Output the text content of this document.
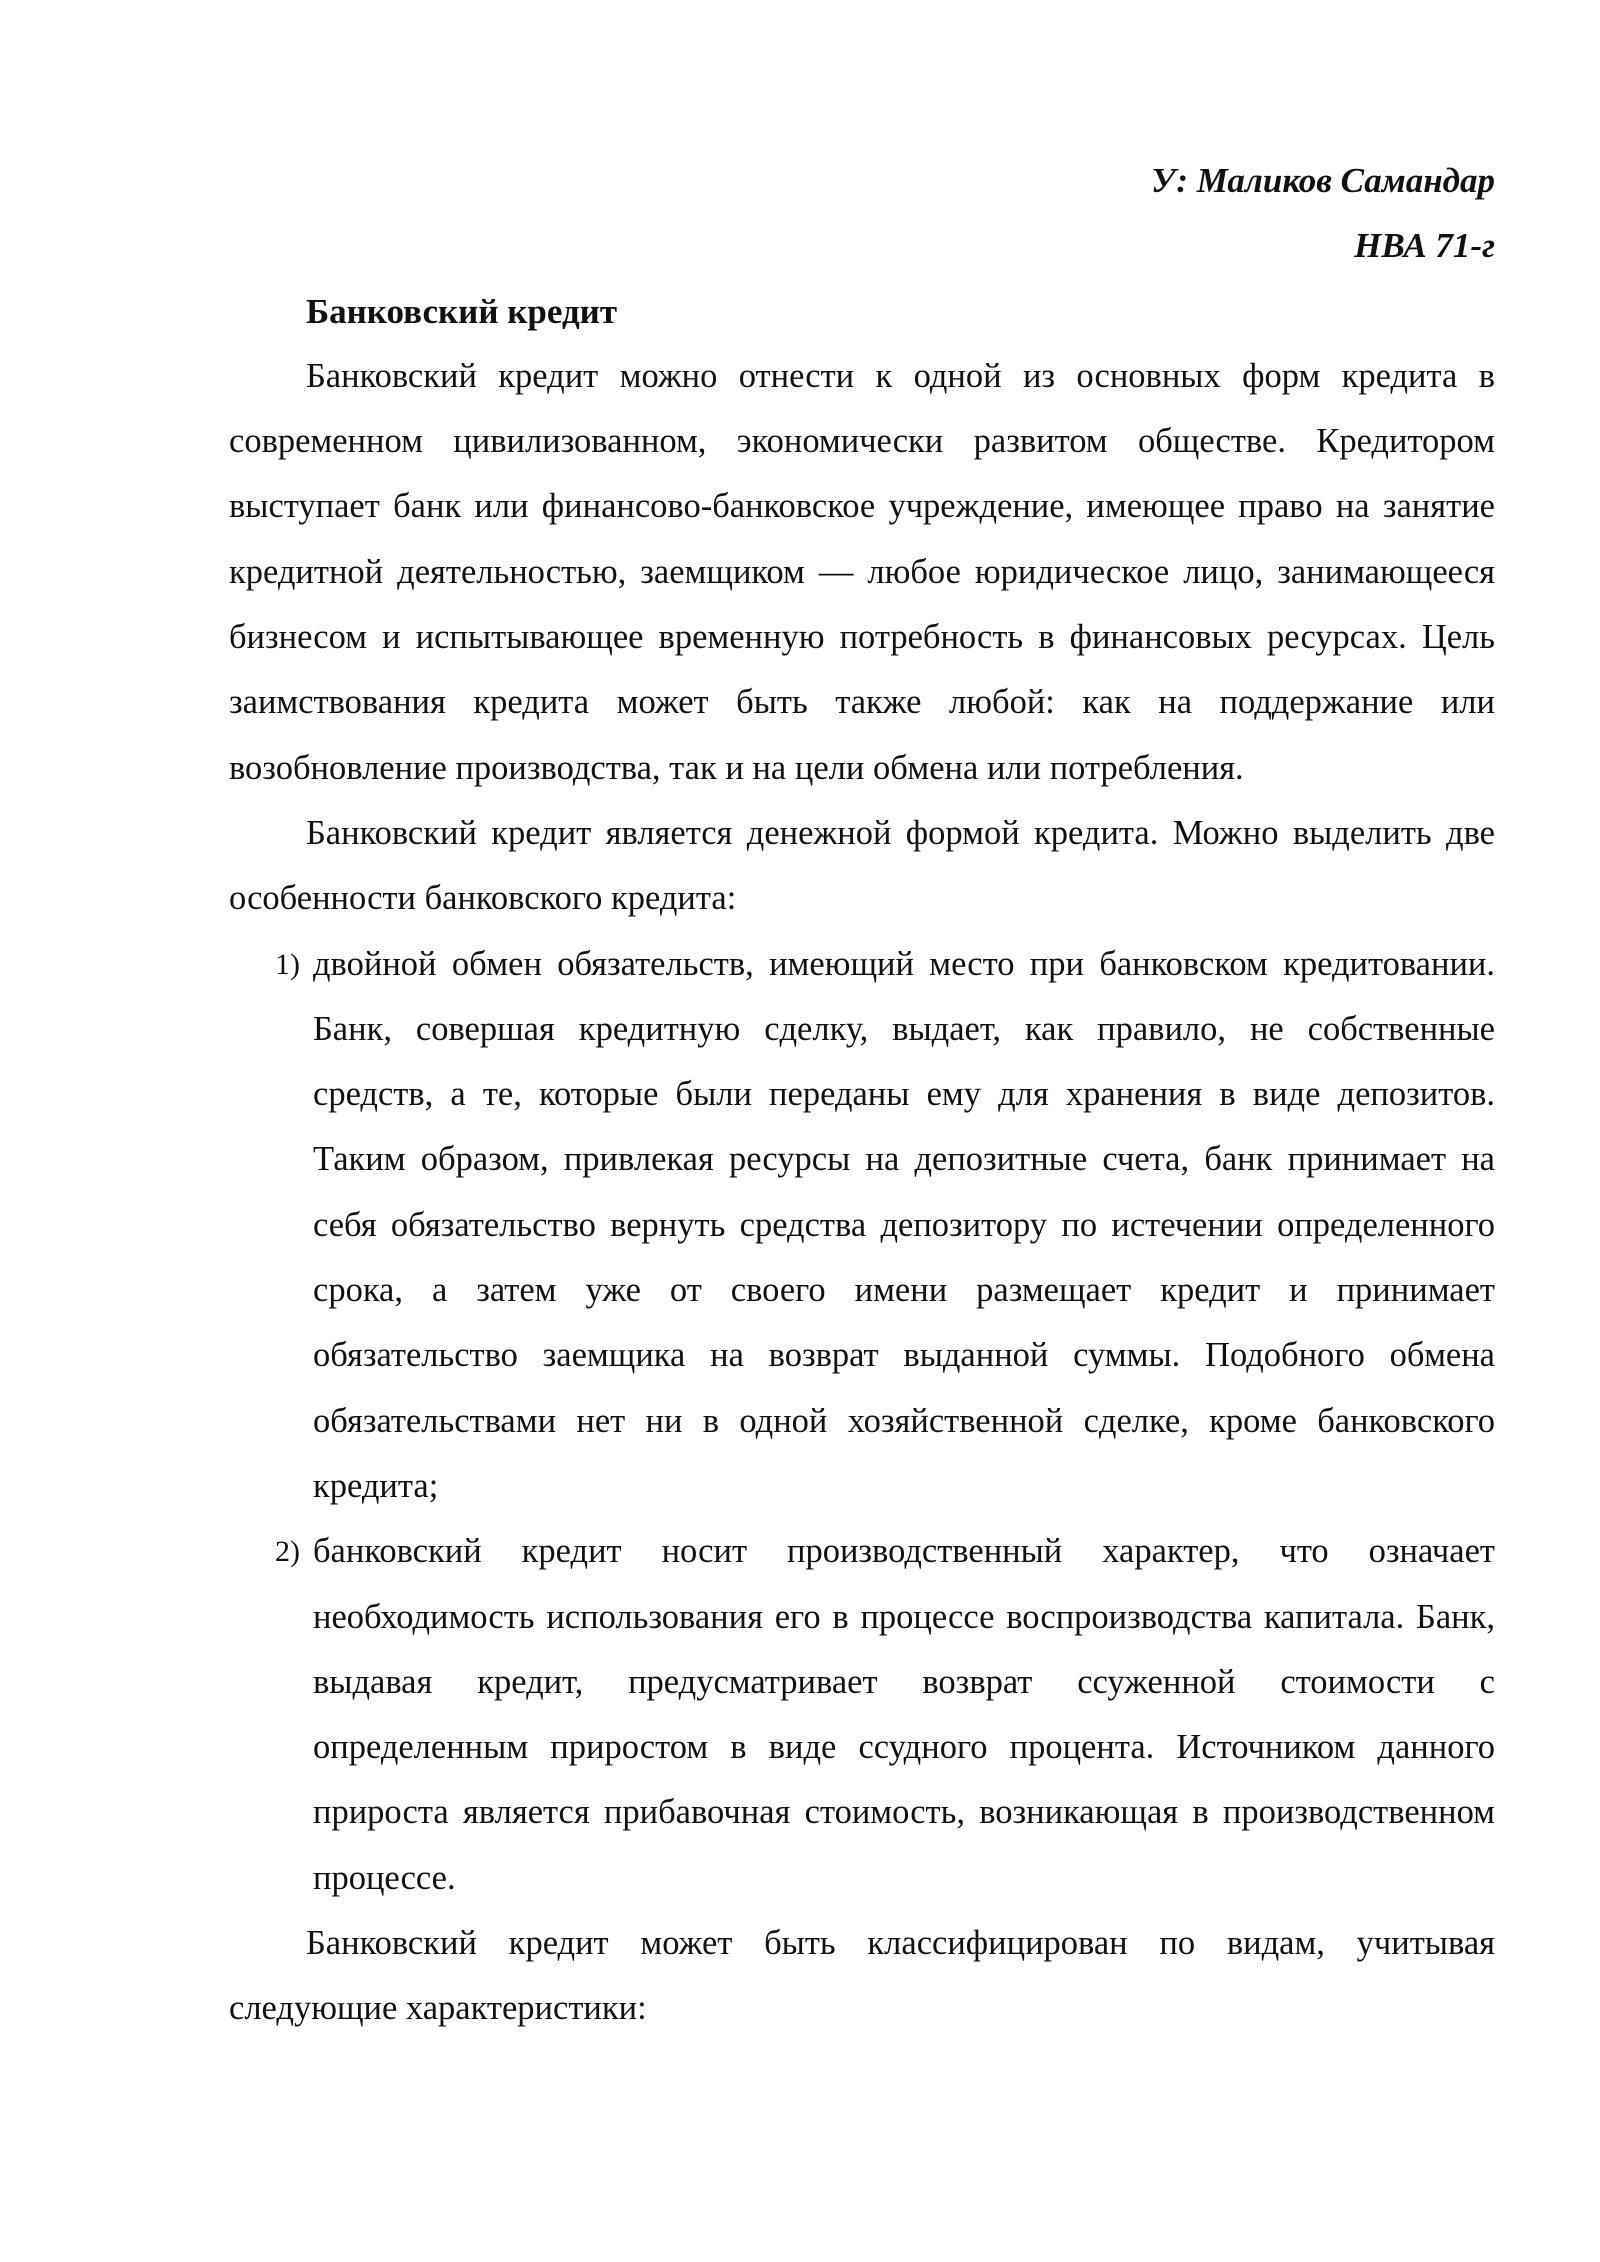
У: Маликов Самандар
НВА 71-г
Банковский кредит

Банковский кредит можно отнести к одной из основных форм кредита в современном цивилизованном, экономически развитом обществе. Кредитором выступает банк или финансово-банковское учреждение, имеющее право на занятие кредитной деятельностью, заемщиком — любое юридическое лицо, занимающееся бизнесом и испытывающее временную потребность в финансовых ресурсах. Цель заимствования кредита может быть также любой: как на поддержание или возобновление производства, так и на цели обмена или потребления.

Банковский кредит является денежной формой кредита. Можно выделить две особенности банковского кредита:

1) двойной обмен обязательств, имеющий место при банковском кредитовании. Банк, совершая кредитную сделку, выдает, как правило, не собственные средств, а те, которые были переданы ему для хранения в виде депозитов. Таким образом, привлекая ресурсы на депозитные счета, банк принимает на себя обязательство вернуть средства депозитору по истечении определенного срока, а затем уже от своего имени размещает кредит и принимает обязательство заемщика на возврат выданной суммы. Подобного обмена обязательствами нет ни в одной хозяйственной сделке, кроме банковского кредита;
2) банковский кредит носит производственный характер, что означает необходимость использования его в процессе воспроизводства капитала. Банк, выдавая кредит, предусматривает возврат ссуженной стоимости с определенным приростом в виде ссудного процента. Источником данного прироста является прибавочная стоимость, возникающая в производственном процессе.

Банковский кредит может быть классифицирован по видам, учитывая следующие характеристики:
